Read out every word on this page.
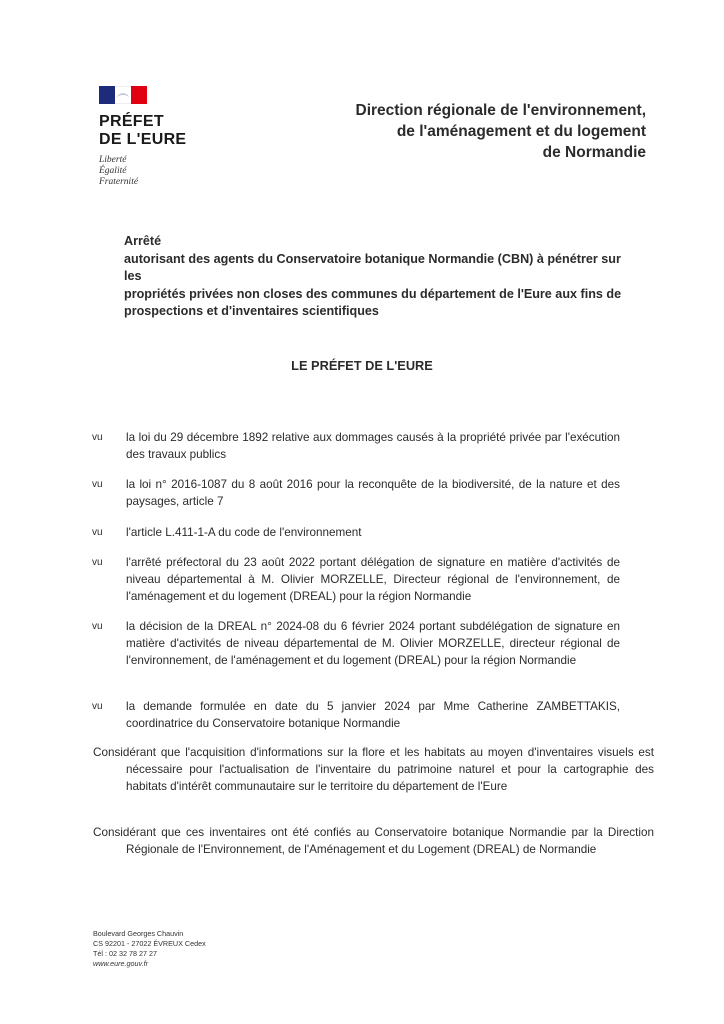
PRÉFET
DE L'EURE
Liberté
Égalité
Fraternité
Direction régionale de l'environnement,
de l'aménagement et du logement
de Normandie
Arrêté
autorisant des agents du Conservatoire botanique Normandie (CBN) à pénétrer sur les
propriétés privées non closes des communes du département de l'Eure aux fins de
prospections et d'inventaires scientifiques
LE PRÉFET DE L'EURE
vu	la loi du 29 décembre 1892 relative aux dommages causés à la propriété privée par l'exécution des travaux publics
vu	la loi n° 2016-1087 du 8 août 2016 pour la reconquête de la biodiversité, de la nature et des paysages, article 7
vu	l'article L.411-1-A du code de l'environnement
vu	l'arrêté préfectoral du 23 août 2022 portant délégation de signature en matière d'activités de niveau départemental à M. Olivier MORZELLE, Directeur régional de l'environnement, de l'aménagement et du logement (DREAL) pour la région Normandie
vu	la décision de la DREAL n° 2024-08 du 6 février 2024 portant subdélégation de signature en matière d'activités de niveau départemental de M. Olivier MORZELLE, directeur régional de l'environnement, de l'aménagement et du logement (DREAL) pour la région Normandie
vu	la demande formulée en date du 5 janvier 2024 par Mme Catherine ZAMBETTAKIS, coordinatrice du Conservatoire botanique Normandie
Considérant que l'acquisition d'informations sur la flore et les habitats au moyen d'inventaires visuels est nécessaire pour l'actualisation de l'inventaire du patrimoine naturel et pour la cartographie des habitats d'intérêt communautaire sur le territoire du département de l'Eure
Considérant que ces inventaires ont été confiés au Conservatoire botanique Normandie par la Direction Régionale de l'Environnement, de l'Aménagement et du Logement (DREAL) de Normandie
Boulevard Georges Chauvin
CS 92201 - 27022 ÉVREUX Cedex
Tél : 02 32 78 27 27
www.eure.gouv.fr
